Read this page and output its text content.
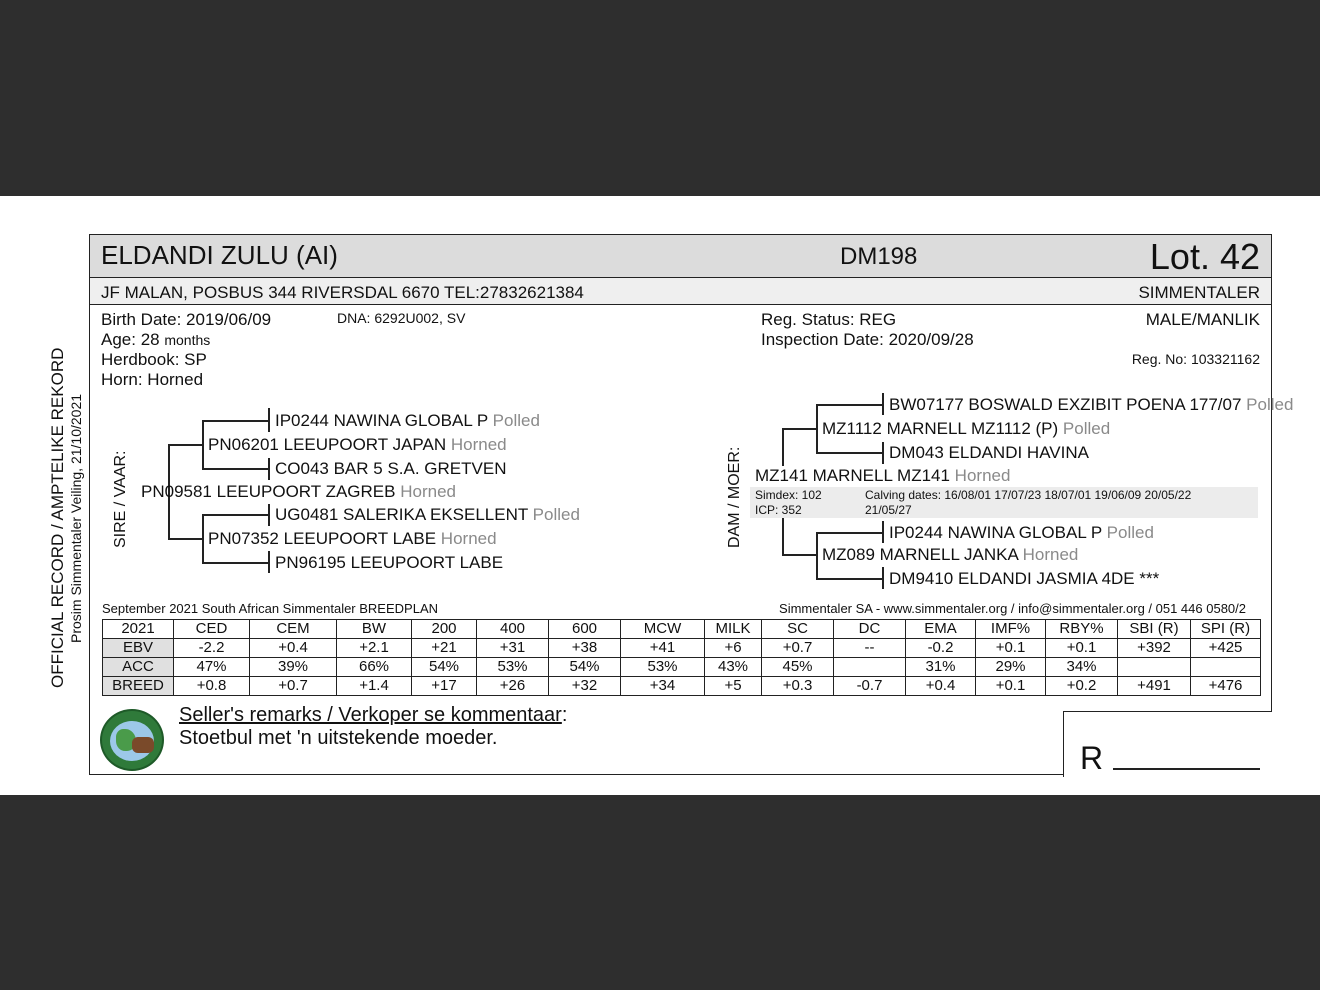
ELDANDI ZULU (AI)	DM198	Lot. 42
JF MALAN, POSBUS 344 RIVERSDAL 6670 TEL:27832621384	SIMMENTALER
Birth Date: 2019/06/09	DNA: 6292U002, SV
Age: 28 months
Herdbook: SP
Horn: Horned
Reg. Status: REG
Inspection Date: 2020/09/28
MALE/MANLIK
Reg. No: 103321162
OFFICIAL RECORD / AMPTELIKE REKORD Prosim Simmentaler Veiling, 21/10/2021 SIRE / VAAR:
IP0244 NAWINA GLOBAL P Polled
PN06201 LEEUPOORT JAPAN Horned
CO043 BAR 5 S.A. GRETVEN
PN09581 LEEUPOORT ZAGREB Horned
UG0481 SALERIKA EKSELLENT Polled
PN07352 LEEUPOORT LABE Horned
PN96195 LEEUPOORT LABE
DAM / MOER:
BW07177 BOSWALD EXZIBIT POENA 177/07 Polled
MZ1112 MARNELL MZ1112 (P) Polled
DM043 ELDANDI HAVINA
MZ141 MARNELL MZ141 Horned
Simdex: 102
ICP: 352
Calving dates: 16/08/01 17/07/23 18/07/01 19/06/09 20/05/22
21/05/27
IP0244 NAWINA GLOBAL P Polled
MZ089 MARNELL JANKA Horned
DM9410 ELDANDI JASMIA 4DE ***
September 2021 South African Simmentaler BREEDPLAN	Simmentaler SA - www.simmentaler.org / info@simmentaler.org / 051 446 0580/2
2021	CED	CEM	BW	200	400	600	MCW	MILK	SC	DC	EMA	IMF%	RBY%	SBI (R)	SPI (R)
EBV	-2.2	+0.4	+2.1	+21	+31	+38	+41	+6	+0.7	--	-0.2	+0.1	+0.1	+392	+425
ACC	47%	39%	66%	54%	53%	54%	53%	43%	45%		31%	29%	34%		
BREED	+0.8	+0.7	+1.4	+17	+26	+32	+34	+5	+0.3	-0.7	+0.4	+0.1	+0.2	+491	+476
Seller's remarks / Verkoper se kommentaar:
Stoetbul met 'n uitstekende moeder.
R
